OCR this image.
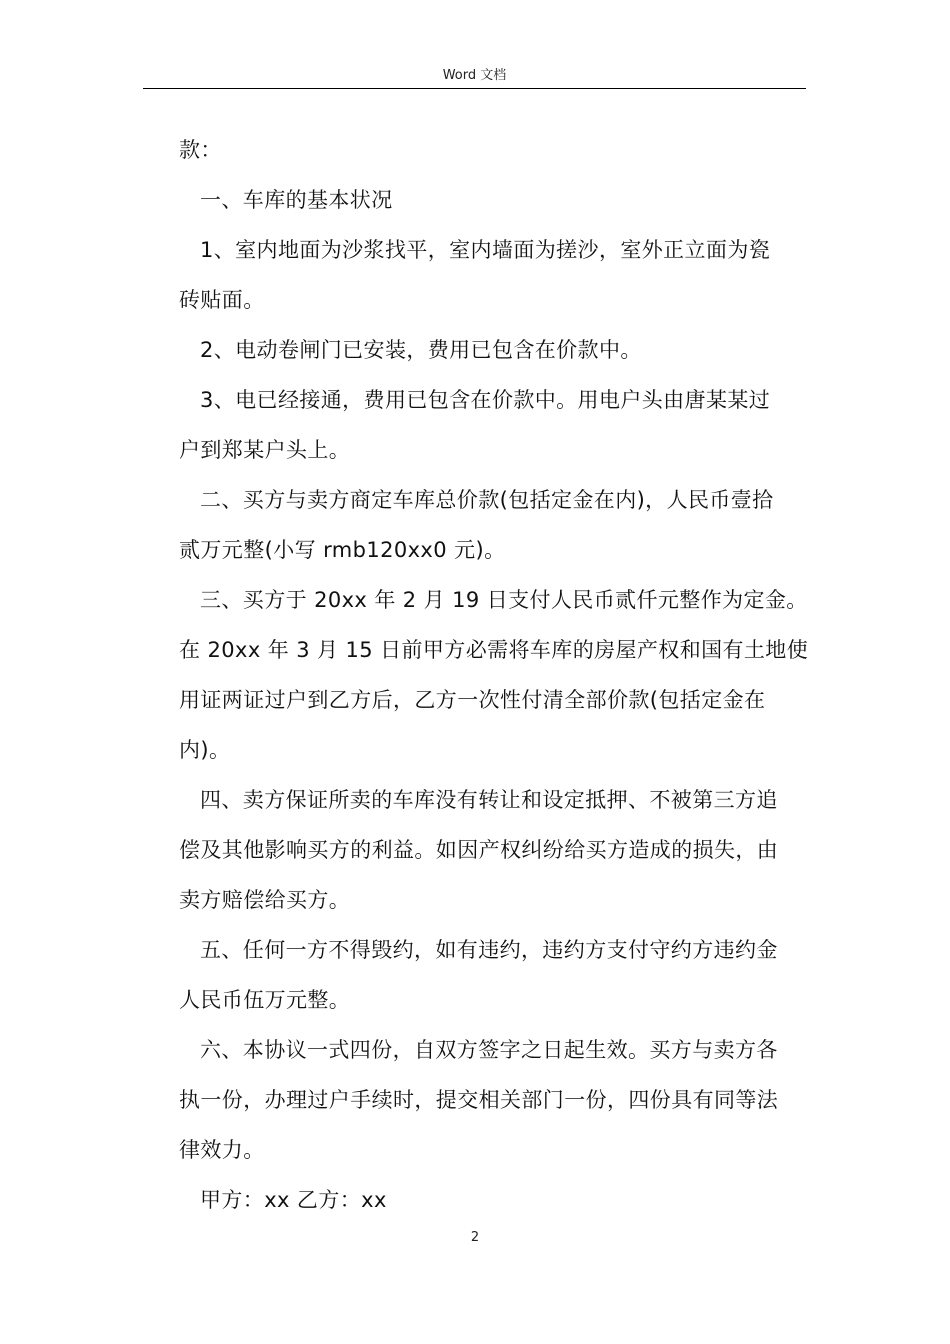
Word 文档

款：

一、车库的基本状况

1、室内地面为沙浆找平，室内墙面为搓沙，室外正立面为瓷
砖贴面。

2、电动卷闸门已安装，费用已包含在价款中。

3、电已经接通，费用已包含在价款中。用电户头由唐某某过
户到郑某户头上。

二、买方与卖方商定车库总价款(包括定金在内)，人民币壹拾
贰万元整(小写 rmb120xx0 元)。

三、买方于 20xx 年 2 月 19 日支付人民币贰仟元整作为定金。
在 20xx 年 3 月 15 日前甲方必需将车库的房屋产权和国有土地使
用证两证过户到乙方后，乙方一次性付清全部价款(包括定金在
内)。

四、卖方保证所卖的车库没有转让和设定抵押、不被第三方追
偿及其他影响买方的利益。如因产权纠纷给买方造成的损失，由
卖方赔偿给买方。

五、任何一方不得毁约，如有违约，违约方支付守约方违约金
人民币伍万元整。

六、本协议一式四份，自双方签字之日起生效。买方与卖方各
执一份，办理过户手续时，提交相关部门一份，四份具有同等法
律效力。

甲方：xx 乙方：xx

2
